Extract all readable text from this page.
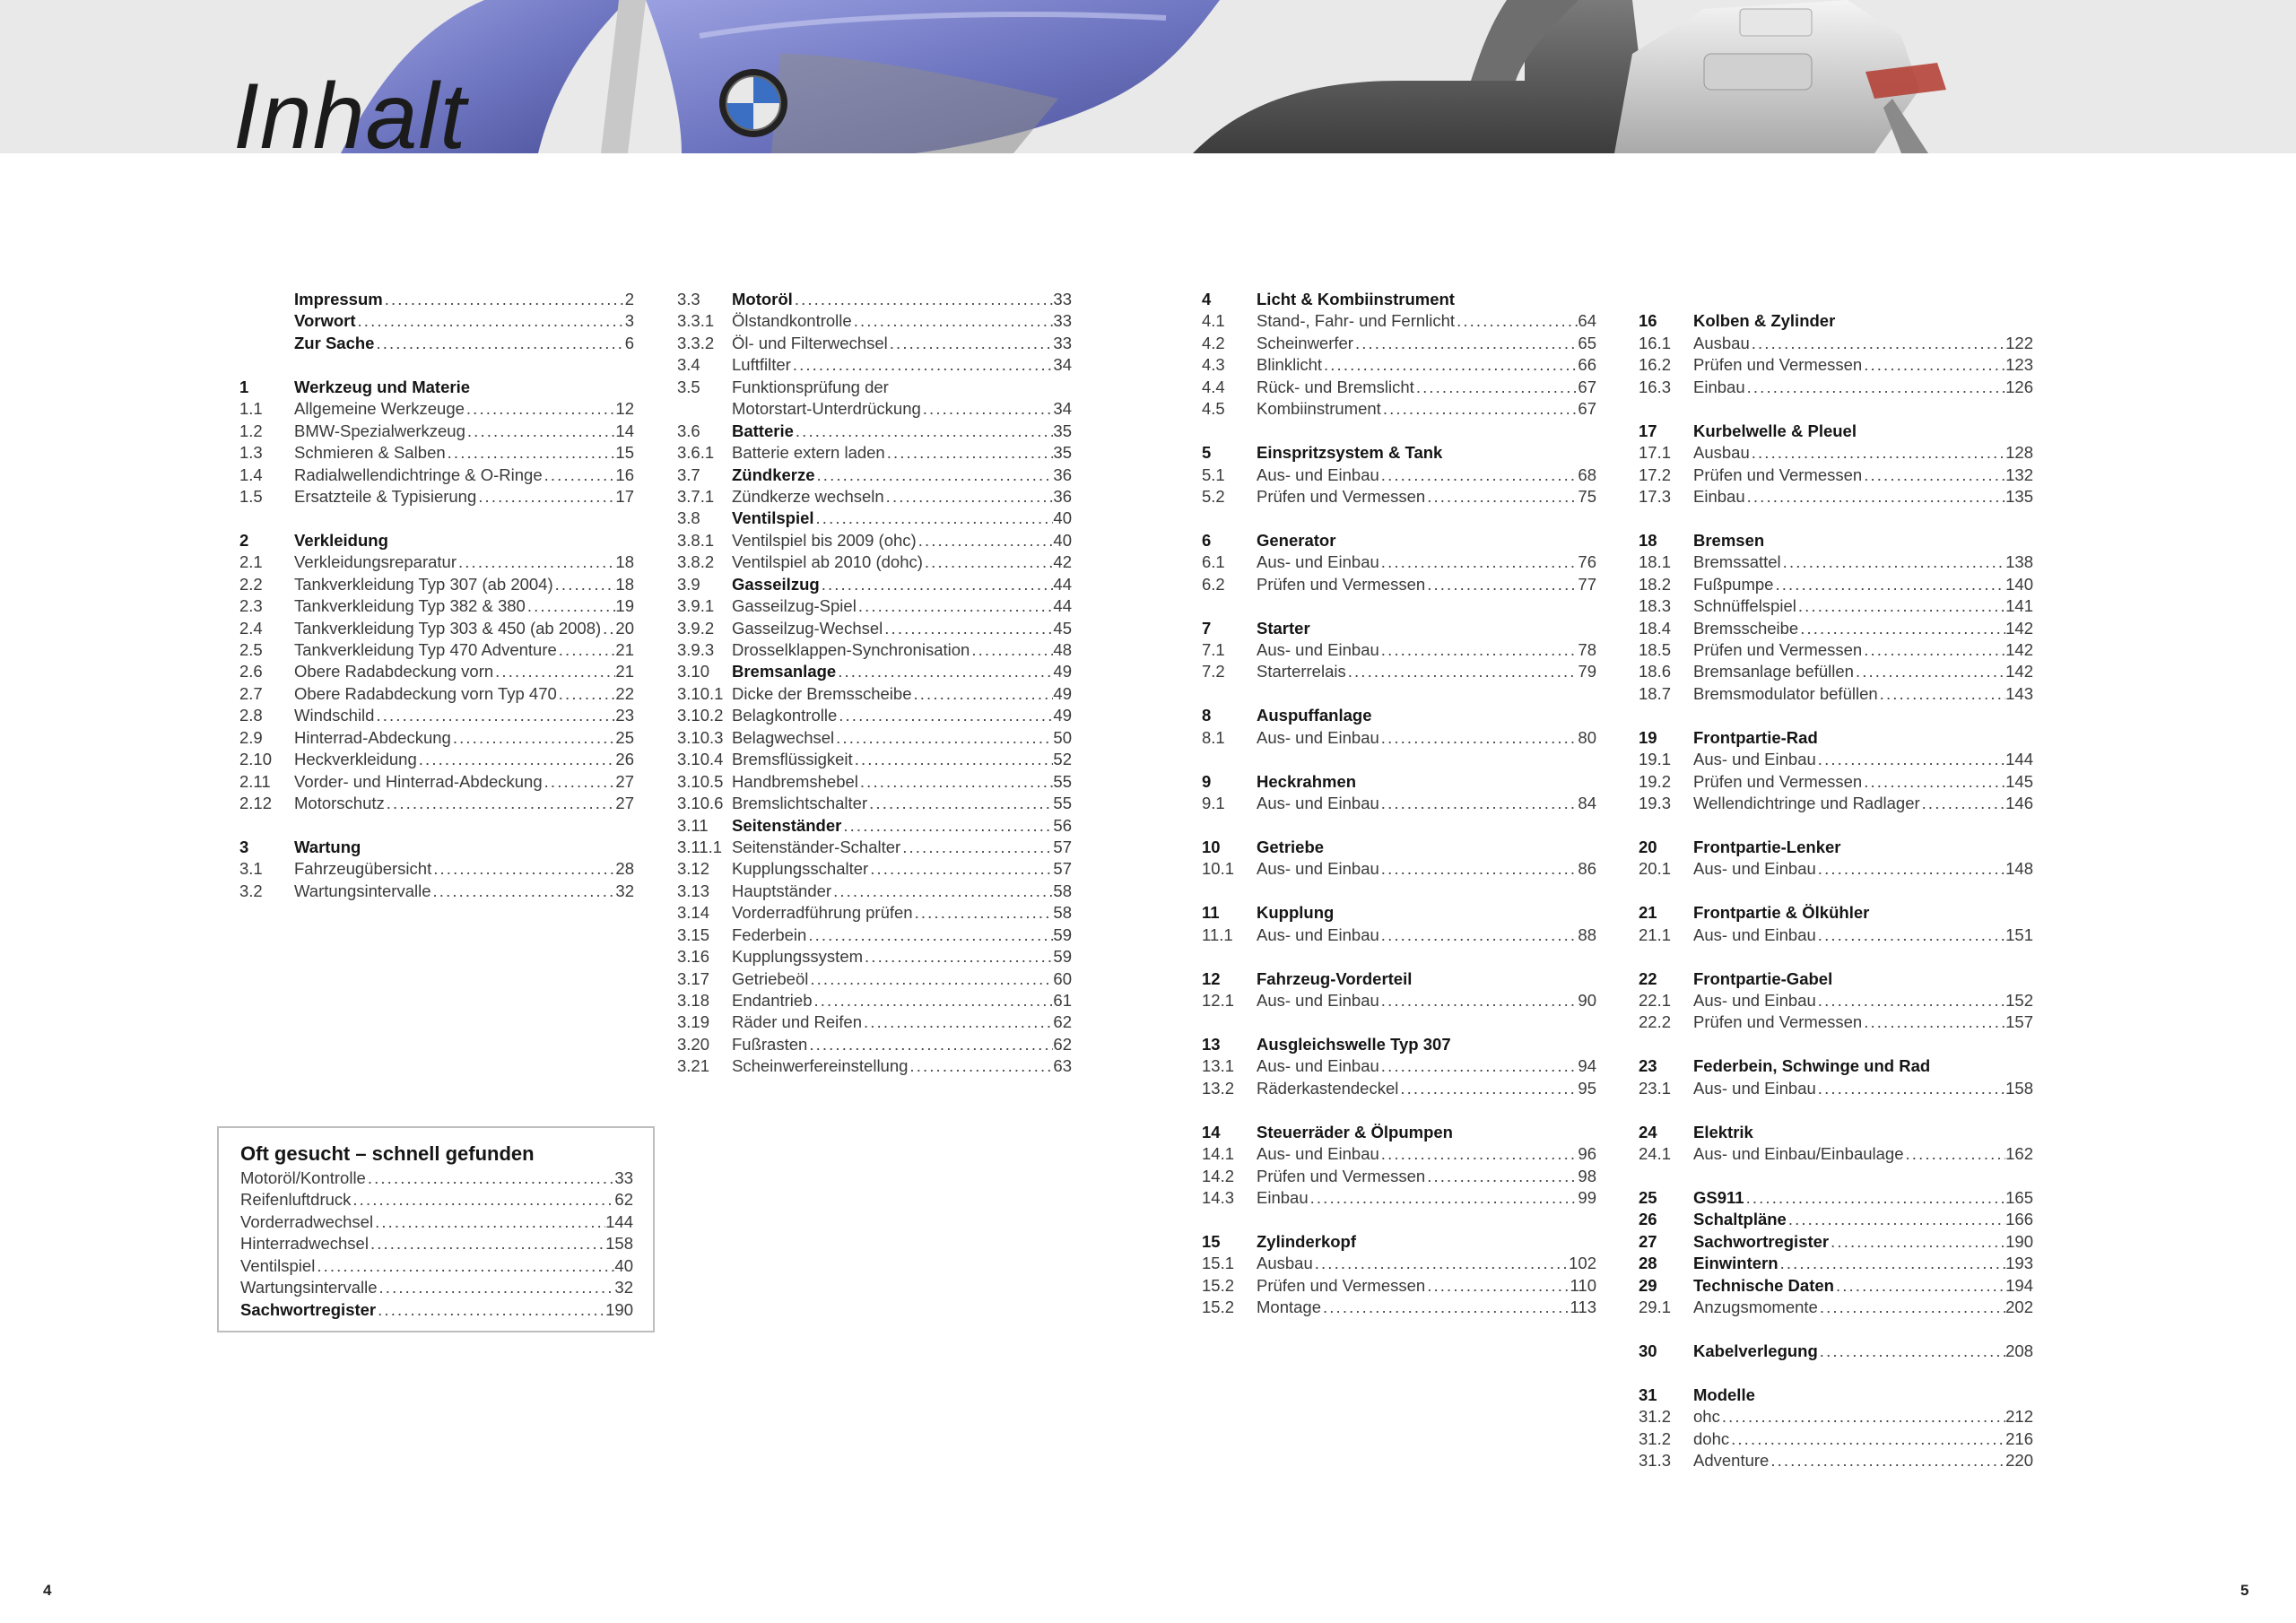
Inhalt
Impressum . . .	2
Vorwort . . .	3
Zur Sache . . .	6
1	Werkzeug und Materie
1.1	Allgemeine Werkzeuge . . .	12
1.2	BMW-Spezialwerkzeug . . .	14
1.3	Schmieren & Salben . . .	15
1.4	Radialwellendichtringe & O-Ringe . . .	16
1.5	Ersatzteile & Typisierung . . .	17
2	Verkleidung
2.1	Verkleidungsreparatur . . .	18
2.2	Tankverkleidung Typ 307 (ab 2004) . . .	18
2.3	Tankverkleidung Typ 382 & 380 . . .	19
2.4	Tankverkleidung Typ 303 & 450 (ab 2008) . . . 20
2.5	Tankverkleidung Typ 470 Adventure . . .	21
2.6	Obere Radabdeckung vorn . . .	21
2.7	Obere Radabdeckung vorn Typ 470 . . .	22
2.8	Windschild . . .	23
2.9	Hinterrad-Abdeckung . . .	25
2.10	Heckverkleidung . . .	26
2.11	Vorder- und Hinterrad-Abdeckung . . .	27
2.12	Motorschutz . . .	27
3	Wartung
3.1	Fahrzeugübersicht . . .	28
3.2	Wartungsintervalle . . .	32
3.3	Motoröl . . .	33
3.3.1	Ölstandkontrolle . . .	33
3.3.2	Öl- und Filterwechsel . . .	33
3.4	Luftfilter . . .	34
3.5	Funktionsprüfung der
Motorstart-Unterdrückung . . .	34
3.6	Batterie . . .	35
3.6.1	Batterie extern laden . . .	35
3.7	Zündkerze . . .	36
3.7.1	Zündkerze wechseln . . .	36
3.8	Ventilspiel . . .	40
3.8.1	Ventilspiel bis 2009 (ohc) . . .	40
3.8.2	Ventilspiel ab 2010 (dohc) . . .	42
3.9	Gasseilzug . . .	44
3.9.1	Gasseilzug-Spiel . . .	44
3.9.2	Gasseilzug-Wechsel . . .	45
3.9.3	Drosselklappen-Synchronisation . . .	48
3.10	Bremsanlage . . .	49
3.10.1 Dicke der Bremsscheibe . . .	49
3.10.2 Belagkontrolle . . .	49
3.10.3 Belagwechsel . . .	50
3.10.4 Bremsflüssigkeit . . .	52
3.10.5 Handbremshebel . . .	55
3.10.6 Bremslichtschalter . . .	55
3.11	Seitenständer . . .	56
3.11.1 Seitenständer-Schalter . . .	57
3.12	Kupplungsschalter . . .	57
3.13	Hauptständer . . .	58
3.14	Vorderradführung prüfen . . .	58
3.15	Federbein . . .	59
3.16	Kupplungssystem . . .	59
3.17	Getriebeöl . . .	60
3.18	Endantrieb . . .	61
3.19	Räder und Reifen . . .	62
3.20	Fußrasten . . .	62
3.21	Scheinwerfereinstellung . . .	63
4	Licht & Kombiinstrument
4.1	Stand-, Fahr- und Fernlicht . . .	64
4.2	Scheinwerfer . . .	65
4.3	Blinklicht . . .	66
4.4	Rück- und Bremslicht . . .	67
4.5	Kombiinstrument . . .	67
5	Einspritzsystem & Tank
5.1	Aus- und Einbau . . .	68
5.2	Prüfen und Vermessen . . .	75
6	Generator
6.1	Aus- und Einbau . . .	76
6.2	Prüfen und Vermessen . . .	77
7	Starter
7.1	Aus- und Einbau . . .	78
7.2	Starterrelais . . .	79
8	Auspuffanlage
8.1	Aus- und Einbau . . .	80
9	Heckrahmen
9.1	Aus- und Einbau . . .	84
10	Getriebe
10.1	Aus- und Einbau . . .	86
11	Kupplung
11.1	Aus- und Einbau . . .	88
12	Fahrzeug-Vorderteil
12.1	Aus- und Einbau . . .	90
13	Ausgleichswelle Typ 307
13.1	Aus- und Einbau . . .	94
13.2	Räderkastendeckel . . .	95
14	Steuerräder & Ölpumpen
14.1	Aus- und Einbau . . .	96
14.2	Prüfen und Vermessen . . .	98
14.3	Einbau . . .	99
15	Zylinderkopf
15.1	Ausbau . . .	102
15.2	Prüfen und Vermessen . . .	110
15.2	Montage . . .	113
16	Kolben & Zylinder
16.1	Ausbau . . .	122
16.2	Prüfen und Vermessen . . .	123
16.3	Einbau . . .	126
17	Kurbelwelle & Pleuel
17.1	Ausbau . . .	128
17.2	Prüfen und Vermessen . . .	132
17.3	Einbau . . .	135
18	Bremsen
18.1	Bremssattel . . .	138
18.2	Fußpumpe . . .	140
18.3	Schnüffelspiel . . .	141
18.4	Bremsscheibe . . .	142
18.5	Prüfen und Vermessen . . .	142
18.6	Bremsanlage befüllen . . .	142
18.7	Bremsmodulator befüllen . . .	143
19	Frontpartie-Rad
19.1	Aus- und Einbau . . .	144
19.2	Prüfen und Vermessen . . .	145
19.3	Wellendichtringe und Radlager . . .	146
20	Frontpartie-Lenker
20.1	Aus- und Einbau . . .	148
21	Frontpartie & Ölkühler
21.1	Aus- und Einbau . . .	151
22	Frontpartie-Gabel
22.1	Aus- und Einbau . . .	152
22.2	Prüfen und Vermessen . . .	157
23	Federbein, Schwinge und Rad
23.1	Aus- und Einbau . . .	158
24	Elektrik
24.1	Aus- und Einbau/Einbaulage . . .	162
25	GS911 . . .	165
26	Schaltpläne . . .	166
27	Sachwortregister . . .	190
28	Einwintern . . .	193
29	Technische Daten . . .	194
29.1	Anzugsmomente . . .	202
30	Kabelverlegung . . .	208
31	Modelle
31.2	ohc . . .	212
31.2	dohc . . .	216
31.3	Adventure . . .	220
Oft gesucht – schnell gefunden
Motoröl/Kontrolle . . .	33
Reifenluftdruck . . .	62
Vorderradwechsel . . .	144
Hinterradwechsel . . .	158
Ventilspiel . . .	40
Wartungsintervalle . . .	32
Sachwortregister . . .	190
4	5
